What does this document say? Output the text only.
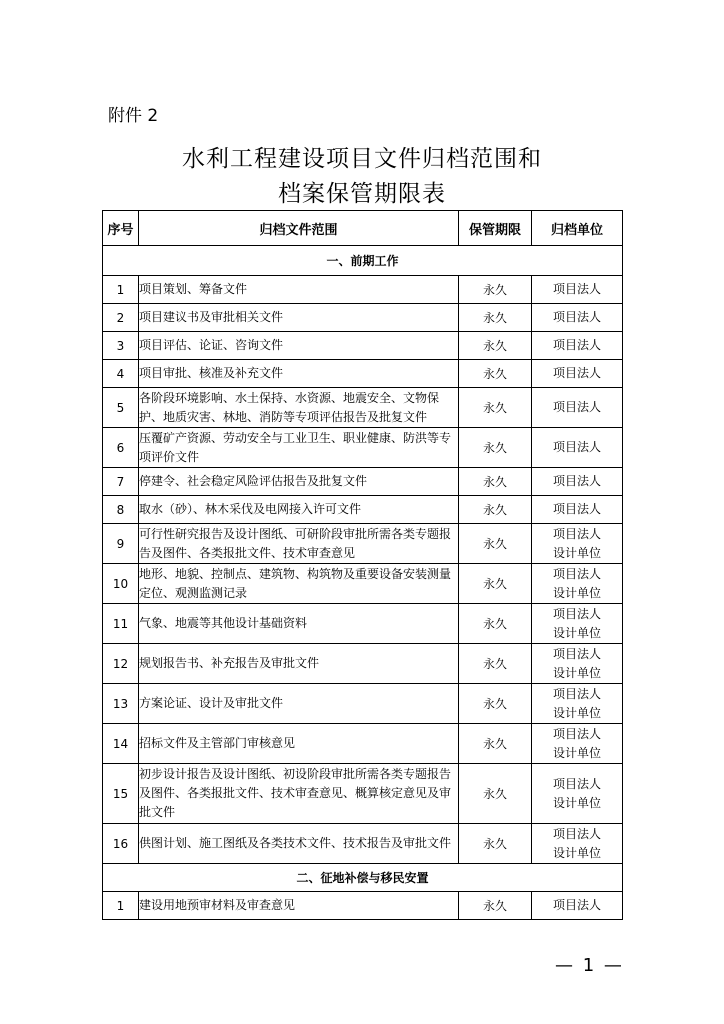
附件 2
水利工程建设项目文件归档范围和
档案保管期限表
序号	归档文件范围	保管期限	归档单位
一、前期工作			
1	项目策划、筹备文件	永久	项目法人

2	项目建议书及审批相关文件	永久	项目法人

3	项目评估、论证、咨询文件	永久	项目法人

4	项目审批、核准及补充文件	永久	项目法人

5	各阶段环境影响、水土保持、水资源、地震安全、文物保护、地质灾害、林地、消防等专项评估报告及批复文件	永久	项目法人

6	压覆矿产资源、劳动安全与工业卫生、职业健康、防洪等专项评价文件	永久	项目法人

7	停建令、社会稳定风险评估报告及批复文件	永久	项目法人

8	取水（砂）、林木采伐及电网接入许可文件	永久	项目法人

9	可行性研究报告及设计图纸、可研阶段审批所需各类专题报告及图件、各类报批文件、技术审查意见	永久	项目法人
设计单位

10	地形、地貌、控制点、建筑物、构筑物及重要设备安装测量定位、观测监测记录	永久	项目法人
设计单位

11	气象、地震等其他设计基础资料	永久	项目法人
设计单位

12	规划报告书、补充报告及审批文件	永久	项目法人
设计单位

13	方案论证、设计及审批文件	永久	项目法人
设计单位

14	招标文件及主管部门审核意见	永久	项目法人
设计单位

15	初步设计报告及设计图纸、初设阶段审批所需各类专题报告及图件、各类报批文件、技术审查意见、概算核定意见及审批文件	永久	项目法人
设计单位

16	供图计划、施工图纸及各类技术文件、技术报告及审批文件	永久	项目法人
设计单位

二、征地补偿与移民安置			
1	建设用地预审材料及审查意见	永久	项目法人
— 1 —
